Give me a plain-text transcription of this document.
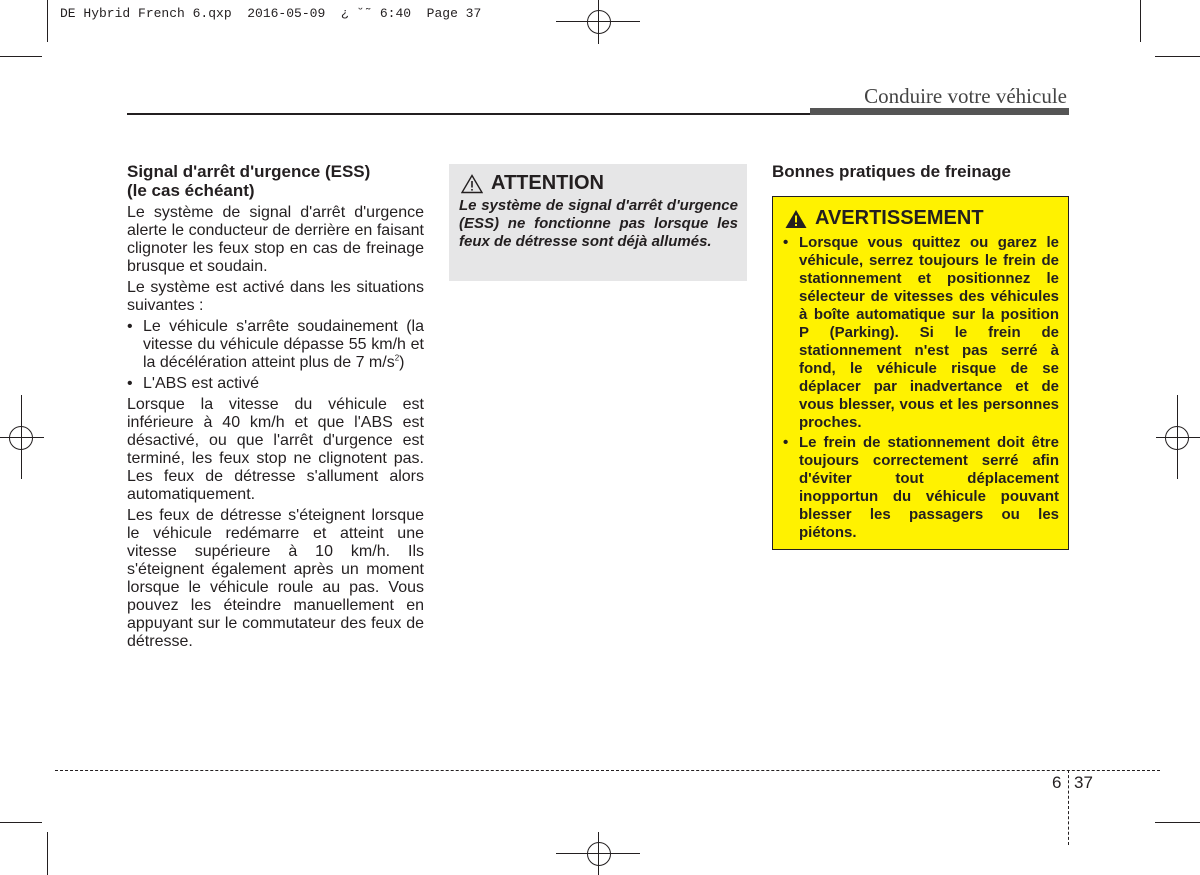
DE Hybrid French 6.qxp  2016-05-09  ¿ ˘˜ 6:40  Page 37
Conduire votre véhicule
Signal d'arrêt d'urgence (ESS)
(le cas échéant)
Le système de signal d'arrêt d'urgence alerte le conducteur de derrière en faisant clignoter les feux stop en cas de freinage brusque et soudain.
Le système est activé dans les situations suivantes :
• Le véhicule s'arrête soudainement (la vitesse du véhicule dépasse 55 km/h et la décélération atteint plus de 7 $m/s^2$)
• L'ABS est activé
Lorsque la vitesse du véhicule est inférieure à 40 km/h et que l'ABS est désactivé, ou que l'arrêt d'urgence est terminé, les feux stop ne clignotent pas. Les feux de détresse s'allument alors automatiquement.
Les feux de détresse s'éteignent lorsque le véhicule redémarre et atteint une vitesse supérieure à 10 km/h. Ils s'éteignent également après un moment lorsque le véhicule roule au pas. Vous pouvez les éteindre manuellement en appuyant sur le commutateur des feux de détresse.
ATTENTION
Le système de signal d'arrêt d'urgence (ESS) ne fonctionne pas lorsque les feux de détresse sont déjà allumés.
Bonnes pratiques de freinage
AVERTISSEMENT
• Lorsque vous quittez ou garez le véhicule, serrez toujours le frein de stationnement et positionnez le sélecteur de vitesses des véhicules à boîte automatique sur la position P (Parking). Si le frein de stationnement n'est pas serré à fond, le véhicule risque de se déplacer par inadvertance et de vous blesser, vous et les personnes proches.
• Le frein de stationnement doit être toujours correctement serré afin d'éviter tout déplacement inopportun du véhicule pouvant blesser les passagers ou les piétons.
6 37
